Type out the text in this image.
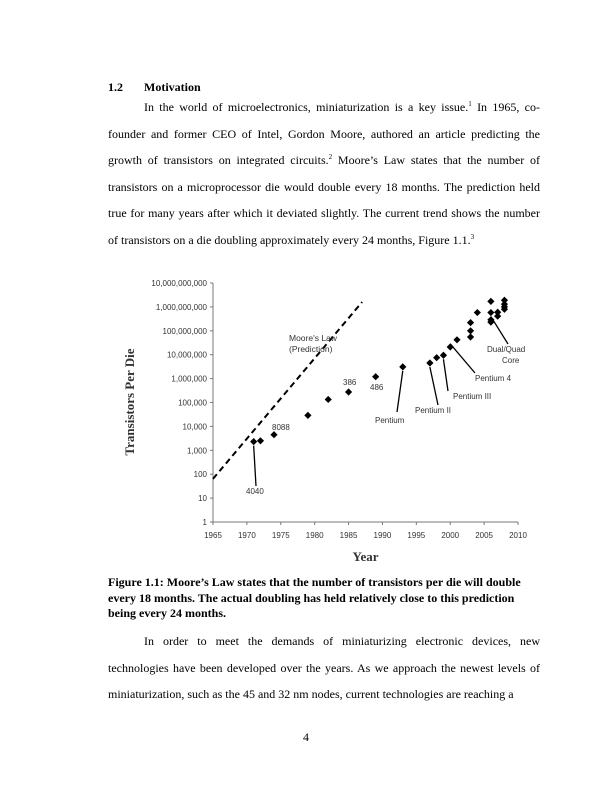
1.2 Motivation

In the world of microelectronics, miniaturization is a key issue.$^1$ In 1965, co-founder and former CEO of Intel, Gordon Moore, authored an article predicting the growth of transistors on integrated circuits.$^2$ Moore’s Law states that the number of transistors on a microprocessor die would double every 18 months. The prediction held true for many years after which it deviated slightly. The current trend shows the number of transistors on a die doubling approximately every 24 months, Figure 1.1.$^3$

1
10
100
1,000
10,000
100,000
1,000,000
10,000,000
100,000,000
1,000,000,000
10,000,000,000
1965 1970 1975 1980 1985 1990 1995 2000 2005 2010
4040
8088
386
486
Pentium
Pentium II
Pentium III
Pentium 4
Dual/Quad
Core
Moore's Law
(Prediction)
Year
Transistors Per Die

Figure 1.1: Moore’s Law states that the number of transistors per die will double every 18 months. The actual doubling has held relatively close to this prediction being every 24 months.

In order to meet the demands of miniaturizing electronic devices, new technologies have been developed over the years. As we approach the newest levels of miniaturization, such as the 45 and 32 nm nodes, current technologies are reaching a

4
